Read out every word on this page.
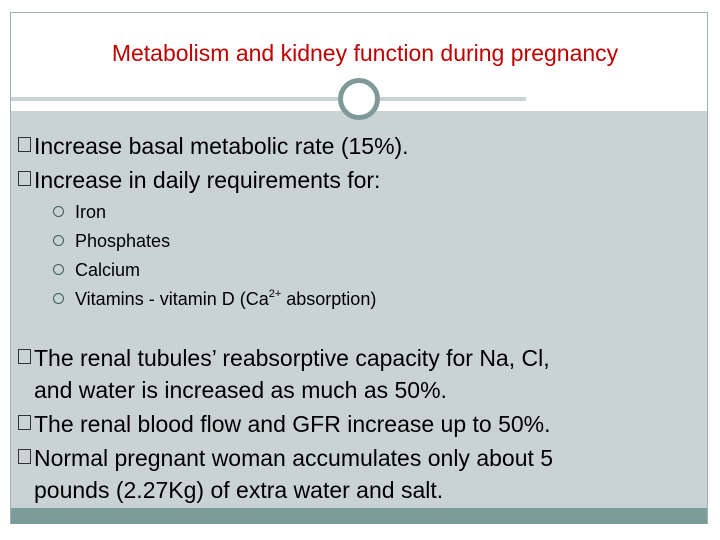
Metabolism and kidney function during pregnancy
Increase basal metabolic rate (15%).
Increase in daily requirements for:
Iron
Phosphates
Calcium
Vitamins - vitamin D ($Ca^{2+}$ absorption)
The renal tubules’ reabsorptive capacity for Na, Cl,
and water is increased as much as 50%.
The renal blood flow and GFR increase up to 50%.
Normal pregnant woman accumulates only about 5
pounds (2.27Kg) of extra water and salt.
